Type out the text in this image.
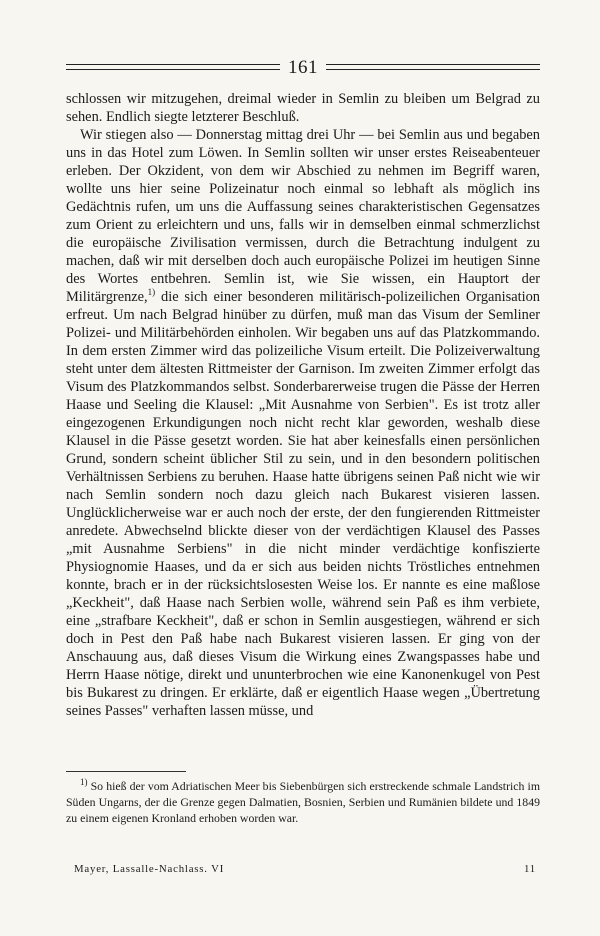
161

schlossen wir mitzugehen, dreimal wieder in Semlin zu bleiben um Belgrad zu sehen. Endlich siegte letzterer Beschluß.

Wir stiegen also — Donnerstag mittag drei Uhr — bei Semlin aus und begaben uns in das Hotel zum Löwen. In Semlin sollten wir unser erstes Reiseabenteuer erleben. Der Okzident, von dem wir Abschied zu nehmen im Begriff waren, wollte uns hier seine Polizeinatur noch einmal so lebhaft als möglich ins Gedächtnis rufen, um uns die Auffassung seines charakteristischen Gegensatzes zum Orient zu erleichtern und uns, falls wir in demselben einmal schmerzlichst die europäische Zivilisation vermissen, durch die Betrachtung indulgent zu machen, daß wir mit derselben doch auch europäische Polizei im heutigen Sinne des Wortes entbehren. Semlin ist, wie Sie wissen, ein Hauptort der Militärgrenze,$^{1)}$ die sich einer besonderen militärisch-polizeilichen Organisation erfreut. Um nach Belgrad hinüber zu dürfen, muß man das Visum der Semliner Polizei- und Militärbehörden einholen. Wir begaben uns auf das Platzkommando. In dem ersten Zimmer wird das polizeiliche Visum erteilt. Die Polizeiverwaltung steht unter dem ältesten Rittmeister der Garnison. Im zweiten Zimmer erfolgt das Visum des Platzkommandos selbst. Sonderbarerweise trugen die Pässe der Herren Haase und Seeling die Klausel: „Mit Ausnahme von Serbien". Es ist trotz aller eingezogenen Erkundigungen noch nicht recht klar geworden, weshalb diese Klausel in die Pässe gesetzt worden. Sie hat aber keinesfalls einen persönlichen Grund, sondern scheint üblicher Stil zu sein, und in den besondern politischen Verhältnissen Serbiens zu beruhen. Haase hatte übrigens seinen Paß nicht wie wir nach Semlin sondern noch dazu gleich nach Bukarest visieren lassen. Unglücklicherweise war er auch noch der erste, der den fungierenden Rittmeister anredete. Abwechselnd blickte dieser von der verdächtigen Klausel des Passes „mit Ausnahme Serbiens" in die nicht minder verdächtige konfiszierte Physiognomie Haases, und da er sich aus beiden nichts Tröstliches entnehmen konnte, brach er in der rücksichtslosesten Weise los. Er nannte es eine maßlose „Keckheit", daß Haase nach Serbien wolle, während sein Paß es ihm verbiete, eine „strafbare Keckheit", daß er schon in Semlin ausgestiegen, während er sich doch in Pest den Paß habe nach Bukarest visieren lassen. Er ging von der Anschauung aus, daß dieses Visum die Wirkung eines Zwangspasses habe und Herrn Haase nötige, direkt und ununterbrochen wie eine Kanonenkugel von Pest bis Bukarest zu dringen. Er erklärte, daß er eigentlich Haase wegen „Übertretung seines Passes" verhaften lassen müsse, und

$^{1)}$ So hieß der vom Adriatischen Meer bis Siebenbürgen sich erstreckende schmale Landstrich im Süden Ungarns, der die Grenze gegen Dalmatien, Bosnien, Serbien und Rumänien bildete und 1849 zu einem eigenen Kronland erhoben worden war.
Mayer, Lassalle-Nachlass. VI	11
